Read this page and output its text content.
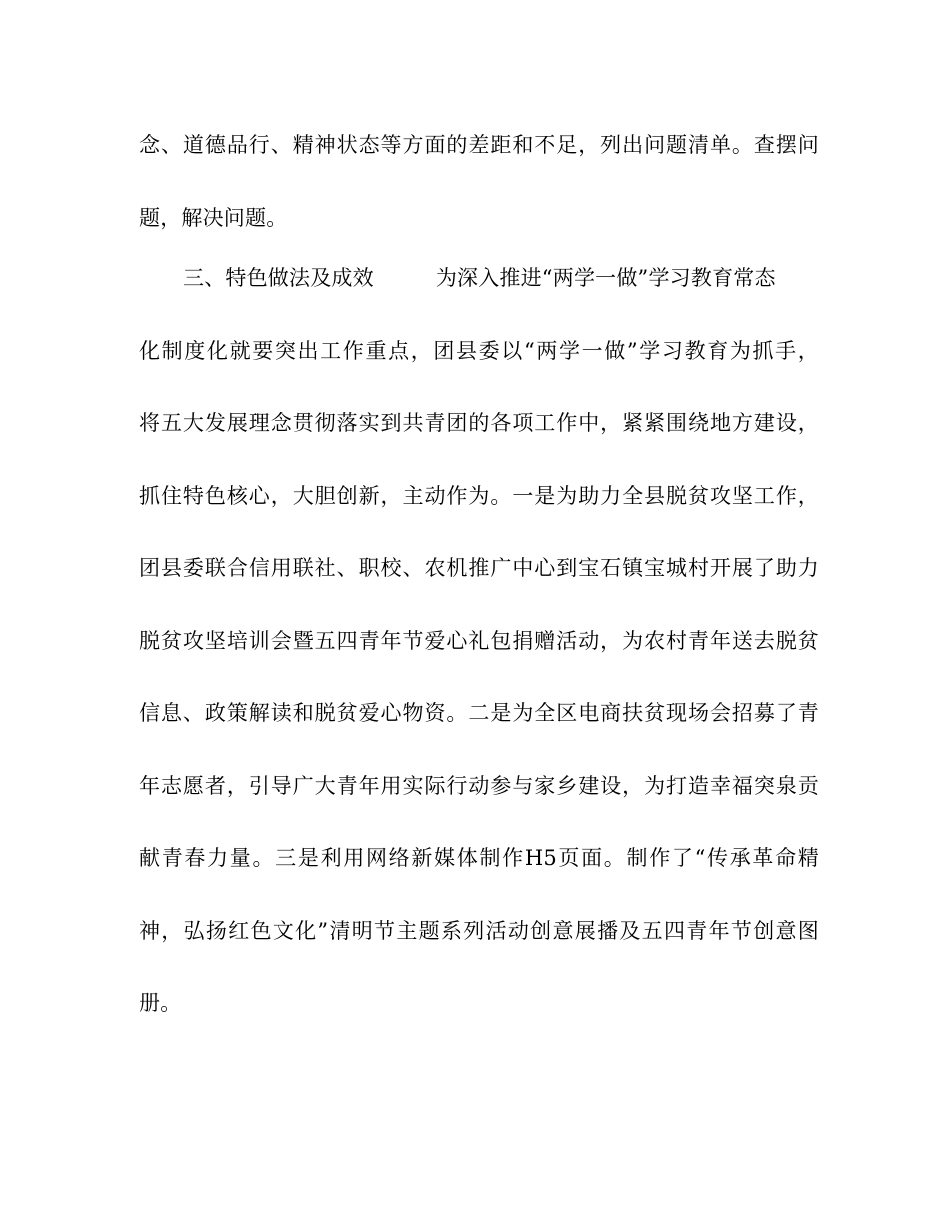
念、道德品行、精神状态等方面的差距和不足，列出问题清单。查摆问
题，解决问题。
三、特色做法及成效	为深入推进“两学一做”学习教育常态
化制度化就要突出工作重点，团县委以“两学一做”学习教育为抓手，
将五大发展理念贯彻落实到共青团的各项工作中，紧紧围绕地方建设，
抓住特色核心，大胆创新，主动作为。一是为助力全县脱贫攻坚工作，
团县委联合信用联社、职校、农机推广中心到宝石镇宝城村开展了助力
脱贫攻坚培训会暨五四青年节爱心礼包捐赠活动，为农村青年送去脱贫
信息、政策解读和脱贫爱心物资。二是为全区电商扶贫现场会招募了青
年志愿者，引导广大青年用实际行动参与家乡建设，为打造幸福突泉贡
献青春力量。三是利用网络新媒体制作H5页面。制作了“传承革命精
神，弘扬红色文化”清明节主题系列活动创意展播及五四青年节创意图
册。
